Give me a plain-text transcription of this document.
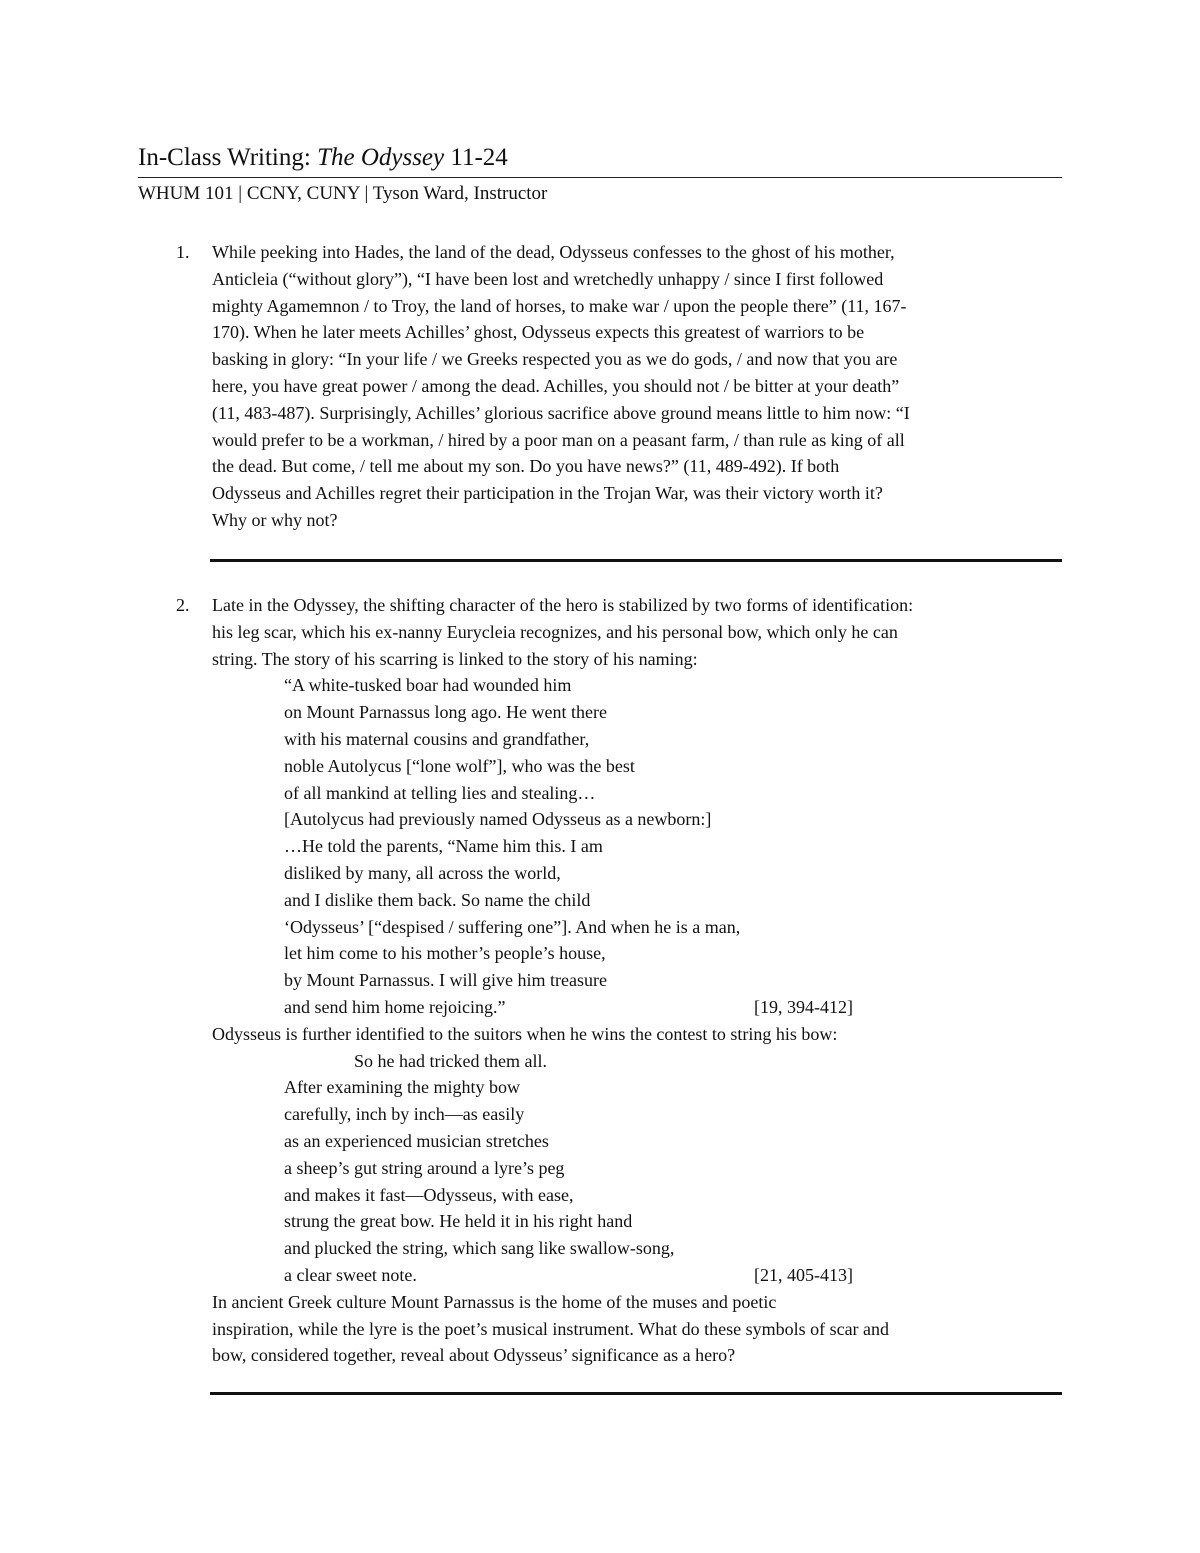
In-Class Writing: The Odyssey 11-24
WHUM 101 | CCNY, CUNY | Tyson Ward, Instructor
1. While peeking into Hades, the land of the dead, Odysseus confesses to the ghost of his mother,
Anticleia (“without glory”), “I have been lost and wretchedly unhappy / since I first followed
mighty Agamemnon / to Troy, the land of horses, to make war / upon the people there” (11, 167-
170). When he later meets Achilles’ ghost, Odysseus expects this greatest of warriors to be
basking in glory: “In your life / we Greeks respected you as we do gods, / and now that you are
here, you have great power / among the dead. Achilles, you should not / be bitter at your death”
(11, 483-487). Surprisingly, Achilles’ glorious sacrifice above ground means little to him now: “I
would prefer to be a workman, / hired by a poor man on a peasant farm, / than rule as king of all
the dead. But come, / tell me about my son. Do you have news?” (11, 489-492). If both
Odysseus and Achilles regret their participation in the Trojan War, was their victory worth it?
Why or why not?
2. Late in the Odyssey, the shifting character of the hero is stabilized by two forms of identification:
his leg scar, which his ex-nanny Eurycleia recognizes, and his personal bow, which only he can
string. The story of his scarring is linked to the story of his naming:
“A white-tusked boar had wounded him
on Mount Parnassus long ago. He went there
with his maternal cousins and grandfather,
noble Autolycus [“lone wolf”], who was the best
of all mankind at telling lies and stealing…
[Autolycus had previously named Odysseus as a newborn:]
…He told the parents, “Name him this. I am
disliked by many, all across the world,
and I dislike them back. So name the child
‘Odysseus’ [“despised / suffering one”]. And when he is a man,
let him come to his mother’s people’s house,
by Mount Parnassus. I will give him treasure
and send him home rejoicing.”	[19, 394-412]
Odysseus is further identified to the suitors when he wins the contest to string his bow:
So he had tricked them all.
After examining the mighty bow
carefully, inch by inch—as easily
as an experienced musician stretches
a sheep’s gut string around a lyre’s peg
and makes it fast—Odysseus, with ease,
strung the great bow. He held it in his right hand
and plucked the string, which sang like swallow-song,
a clear sweet note.	[21, 405-413]
In ancient Greek culture Mount Parnassus is the home of the muses and poetic
inspiration, while the lyre is the poet’s musical instrument. What do these symbols of scar and
bow, considered together, reveal about Odysseus’ significance as a hero?
